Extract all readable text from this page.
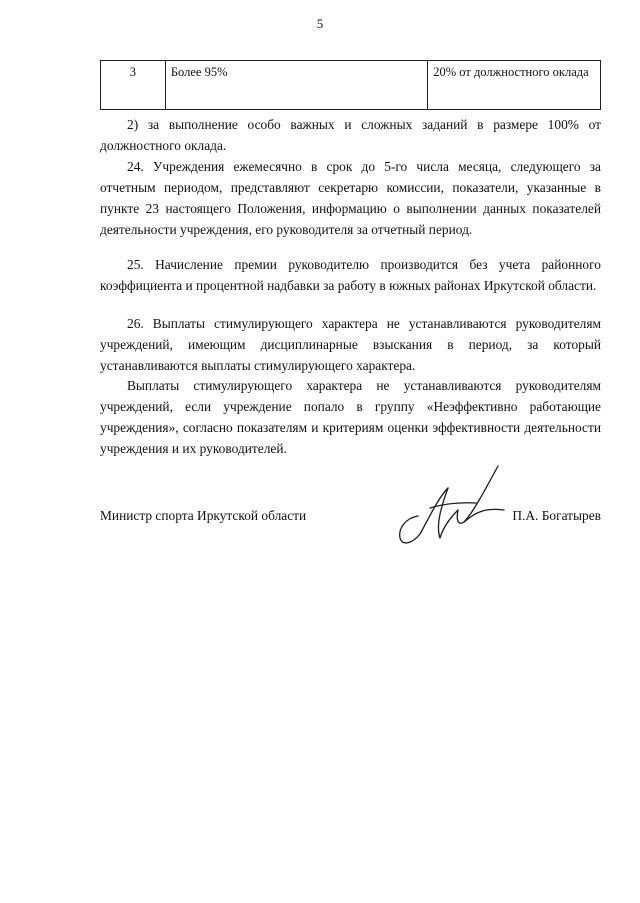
5
3	Более 95%	20% от должностного оклада

2) за выполнение особо важных и сложных заданий в размере 100% от должностного оклада.

24. Учреждения ежемесячно в срок до 5-го числа месяца, следующего за отчетным периодом, представляют секретарю комиссии, показатели, указанные в пункте 23 настоящего Положения, информацию о выполнении данных показателей деятельности учреждения, его руководителя за отчетный период.

25. Начисление премии руководителю производится без учета районного коэффициента и процентной надбавки за работу в южных районах Иркутской области.

26. Выплаты стимулирующего характера не устанавливаются руководителям учреждений, имеющим дисциплинарные взыскания в период, за который устанавливаются выплаты стимулирующего характера.

Выплаты стимулирующего характера не устанавливаются руководителям учреждений, если учреждение попало в группу «Неэффективно работающие учреждения», согласно показателям и критериям оценки эффективности деятельности учреждения и их руководителей.

Министр спорта Иркутской области	П.А. Богатырев
